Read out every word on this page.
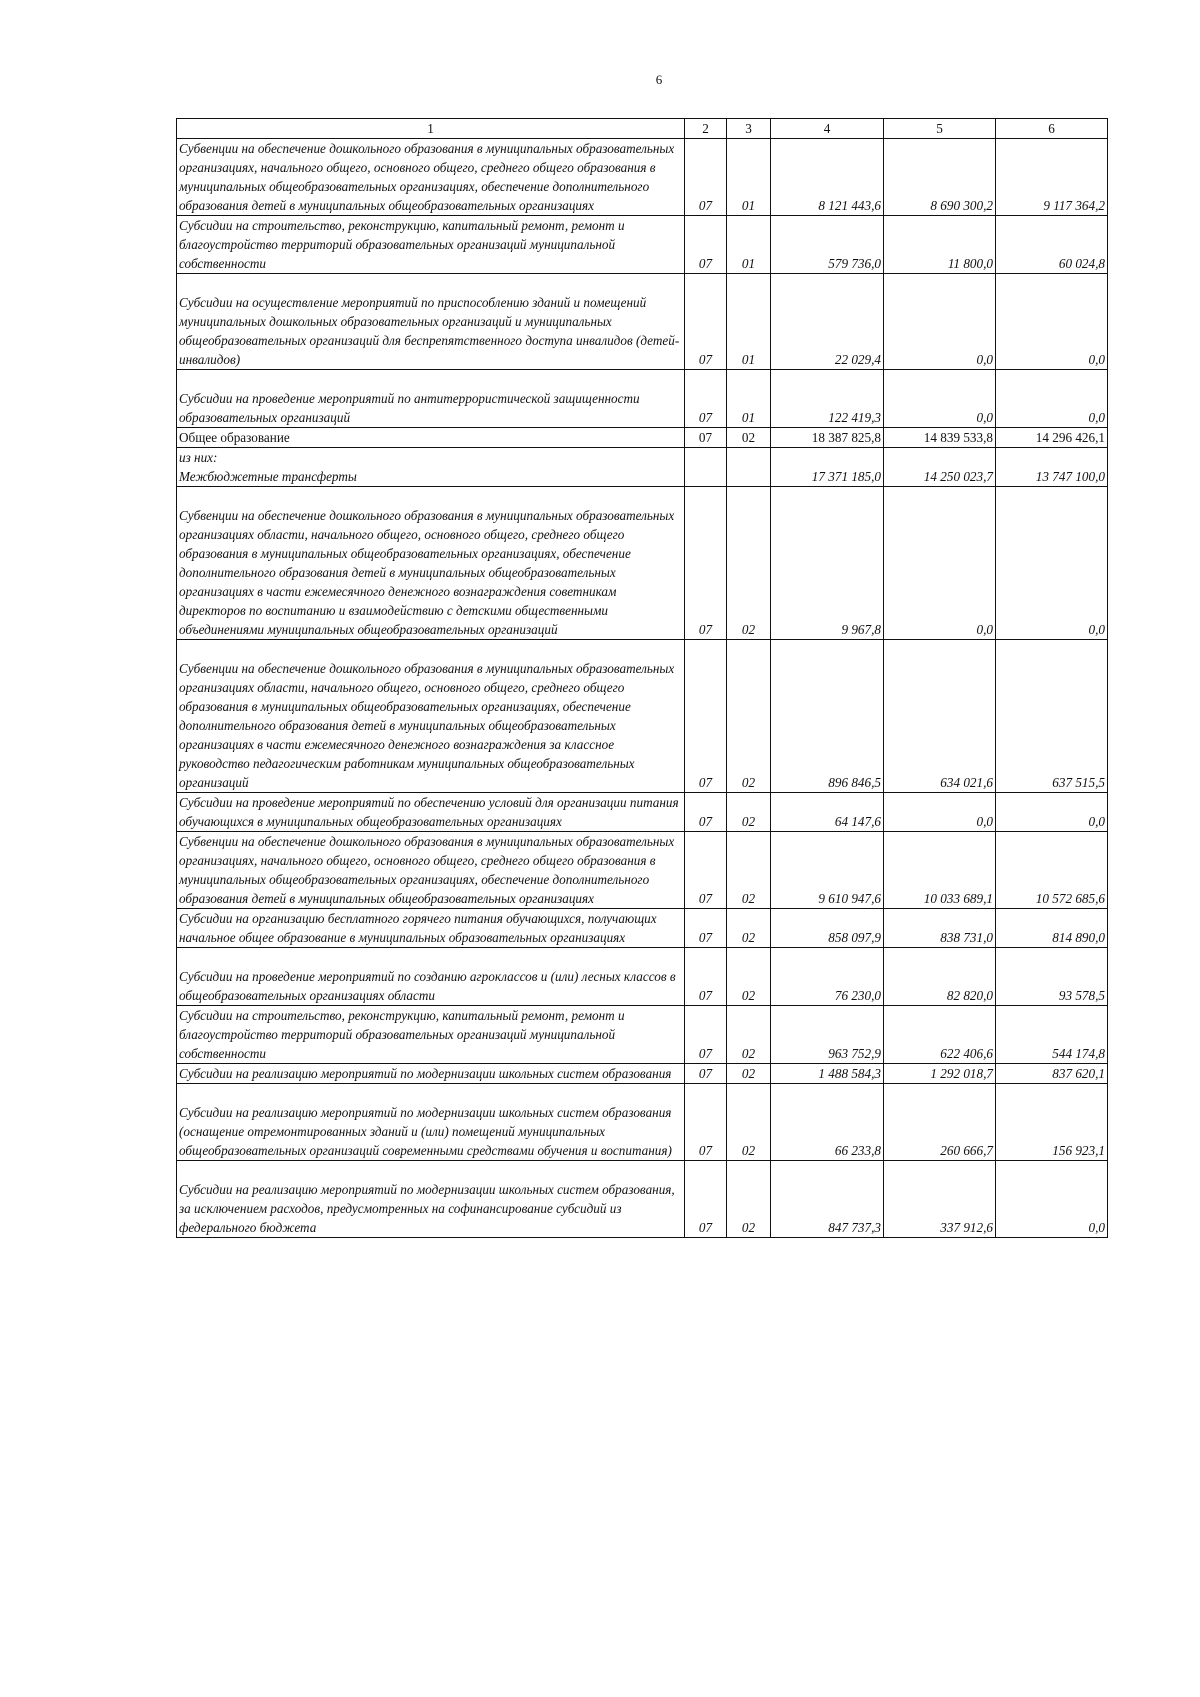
6
1	2	3	4	5	6
Субвенции на обеспечение дошкольного образования в муниципальных образовательных организациях, начального общего, основного общего, среднего общего образования в муниципальных общеобразовательных организациях, обеспечение дополнительного образования детей в муниципальных общеобразовательных организациях	07	01	8 121 443,6	8 690 300,2	9 117 364,2
Субсидии на строительство, реконструкцию, капитальный ремонт, ремонт и благоустройство территорий образовательных организаций муниципальной собственности	07	01	579 736,0	11 800,0	60 024,8
Субсидии на осуществление мероприятий по приспособлению зданий и помещений муниципальных дошкольных образовательных организаций и муниципальных общеобразовательных организаций для беспрепятственного доступа инвалидов (детей-инвалидов)	07	01	22 029,4	0,0	0,0
Субсидии на проведение мероприятий по антитеррористической защищенности образовательных организаций	07	01	122 419,3	0,0	0,0
Общее образование	07	02	18 387 825,8	14 839 533,8	14 296 426,1

из них:
Межбюджетные трансферты			17 371 185,0	14 250 023,7	13 747 100,0
Субвенции на обеспечение дошкольного образования в муниципальных образовательных организациях области, начального общего, основного общего, среднего общего образования в муниципальных общеобразовательных организациях, обеспечение дополнительного образования детей в муниципальных общеобразовательных организациях в части ежемесячного денежного вознаграждения советникам директоров по воспитанию и взаимодействию с детскими общественными объединениями муниципальных общеобразовательных организаций	07	02	9 967,8	0,0	0,0
Субвенции на обеспечение дошкольного образования в муниципальных образовательных организациях области, начального общего, основного общего, среднего общего образования в муниципальных общеобразовательных организациях, обеспечение дополнительного образования детей в муниципальных общеобразовательных организациях в части ежемесячного денежного вознаграждения за классное руководство педагогическим работникам муниципальных общеобразовательных организаций	07	02	896 846,5	634 021,6	637 515,5
Субсидии на проведение мероприятий по обеспечению условий для организации питания обучающихся в муниципальных общеобразовательных организациях	07	02	64 147,6	0,0	0,0
Субвенции на обеспечение дошкольного образования в муниципальных образовательных организациях, начального общего, основного общего, среднего общего образования в муниципальных общеобразовательных организациях, обеспечение дополнительного образования детей в муниципальных общеобразовательных организациях	07	02	9 610 947,6	10 033 689,1	10 572 685,6
Субсидии на организацию бесплатного горячего питания обучающихся, получающих начальное общее образование в муниципальных образовательных организациях	07	02	858 097,9	838 731,0	814 890,0
Субсидии на проведение мероприятий по созданию агроклассов и (или) лесных классов в общеобразовательных организациях области	07	02	76 230,0	82 820,0	93 578,5
Субсидии на строительство, реконструкцию, капитальный ремонт, ремонт и благоустройство территорий образовательных организаций муниципальной собственности	07	02	963 752,9	622 406,6	544 174,8
Субсидии на реализацию мероприятий по модернизации школьных систем образования	07	02	1 488 584,3	1 292 018,7	837 620,1
Субсидии на реализацию мероприятий по модернизации школьных систем образования (оснащение отремонтированных зданий и (или) помещений муниципальных общеобразовательных организаций современными средствами обучения и воспитания)	07	02	66 233,8	260 666,7	156 923,1
Субсидии на реализацию мероприятий по модернизации школьных систем образования, за исключением расходов, предусмотренных на софинансирование субсидий из федерального бюджета	07	02	847 737,3	337 912,6	0,0
